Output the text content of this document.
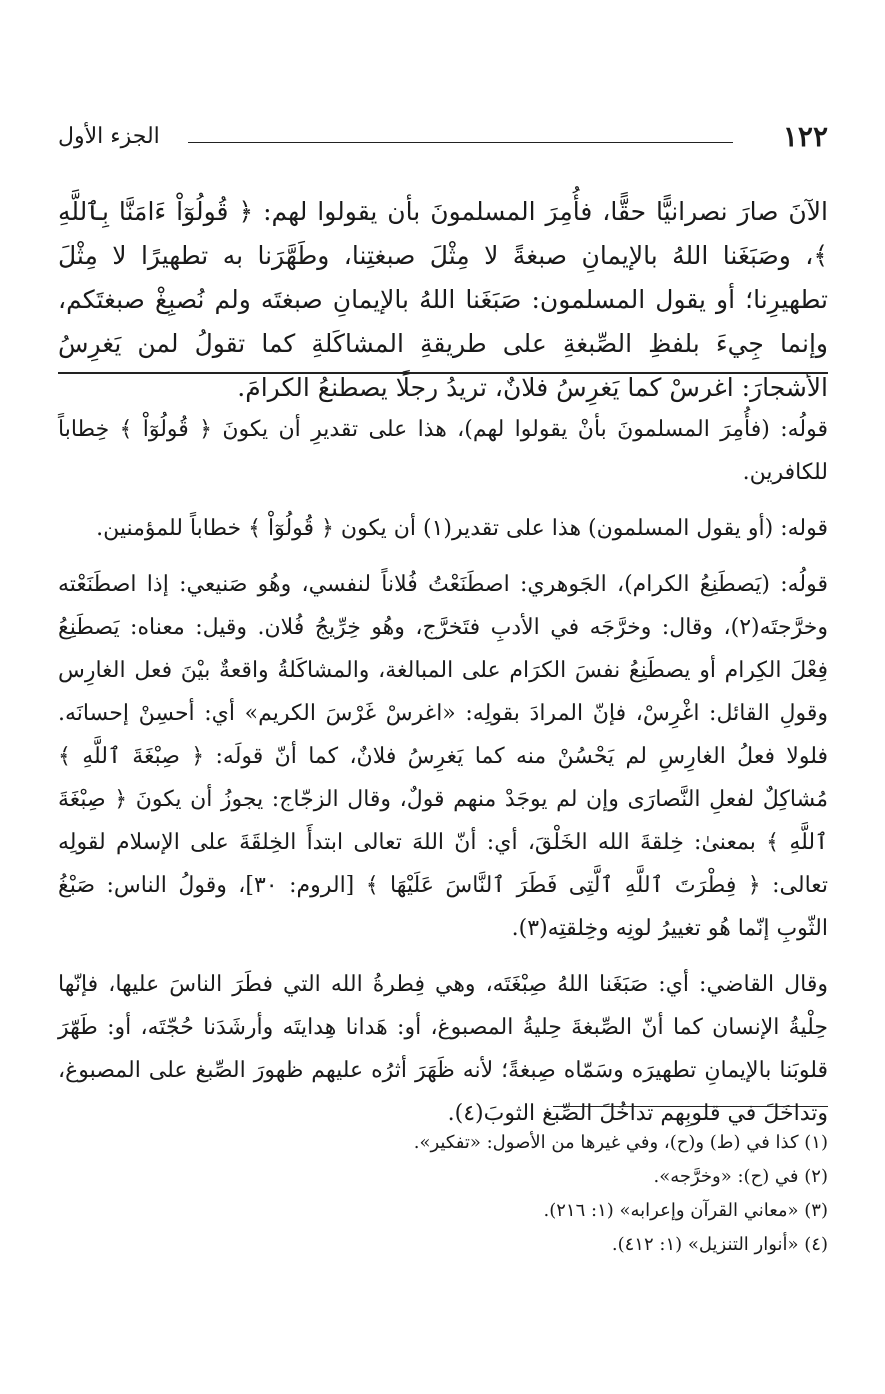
١٢٢
الجزء الأول

الآنَ صارَ نصرانيًّا حقًّا، فأُمِرَ المسلمونَ بأن يقولوا لهم: ﴿ قُولُوٓاْ ءَامَنَّا بِٱللَّهِ ﴾، وصَبَغَنا اللهُ بالإيمانِ صبغةً لا مِثْلَ صبغتِنا، وطَهَّرَنا به تطهيرًا لا مِثْلَ تطهيرِنا؛ أو يقول المسلمون: صَبَغَنا اللهُ بالإيمانِ صبغتَه ولم نُصبِغْ صبغتَكم، وإنما جِيءَ بلفظِ الصِّبغةِ على طريقةِ المشاكَلةِ كما تقولُ لمن يَغرِسُ الأشجارَ: اغرسْ كما يَغرِسُ فلانٌ، تريدُ رجلًا يصطنعُ الكرامَ.

قولُه: (فأُمِرَ المسلمونَ بأنْ يقولوا لهم)، هذا على تقديرِ أن يكونَ ﴿ قُولُوٓاْ ﴾ خِطاباً للكافرين.

قوله: (أو يقول المسلمون) هذا على تقدير(١) أن يكون ﴿ قُولُوٓاْ ﴾ خطاباً للمؤمنين.

قولُه: (يَصطَنِعُ الكرام)، الجَوهري: اصطَنَعْتُ فُلاناً لنفسي، وهُو صَنيعي: إذا اصطَنَعْته وخرَّجتَه(٢)، وقال: وخرَّجَه في الأدبِ فتَخرَّج، وهُو خِرِّيجُ فُلان. وقيل: معناه: يَصطَنِعُ فِعْلَ الكِرام أو يصطَنِعُ نفسَ الكرَام على المبالغة، والمشاكَلةُ واقعةٌ بيْنَ فعل الغارِس وقولِ القائل: اغْرِسْ، فإنّ المرادَ بقولِه: «اغرسْ غَرْسَ الكريم» أي: أحسِنْ إحسانَه. فلولا فعلُ الغارِسِ لم يَحْسُنْ منه كما يَغرِسُ فلانٌ، كما أنّ قولَه: ﴿ صِبْغَةَ ٱللَّهِ ﴾ مُشاكِلٌ لفعلِ النَّصارَى وإن لم يوجَدْ منهم قولٌ، وقال الزجّاج: يجوزُ أن يكونَ ﴿ صِبْغَةَ ٱللَّهِ ﴾ بمعنىٰ: خِلقةَ الله الخَلْقَ، أي: أنّ اللهَ تعالى ابتدأَ الخِلقَةَ على الإسلام لقولِه تعالى: ﴿ فِطْرَتَ ٱللَّهِ ٱلَّتِى فَطَرَ ٱلنَّاسَ عَلَيْهَا ﴾ [الروم: ٣٠]، وقولُ الناس: صَبْغُ الثّوبِ إنّما هُو تغييرُ لونِه وخِلقتِه(٣).

وقال القاضي: أي: صَبَغَنا اللهُ صِبْغَتَه، وهي فِطرةُ الله التي فطَرَ الناسَ عليها، فإنّها حِلْيةُ الإنسان كما أنّ الصِّبغةَ حِليةُ المصبوغ، أو: هَدانا هِدايتَه وأرشَدَنا حُجّتَه، أو: طَهّرَ قلوبَنا بالإيمانِ تطهيرَه وسَمّاه صِبغةً؛ لأنه ظَهَرَ أثرُه عليهم ظهورَ الصِّبغ على المصبوغ، وتداخَلَ في قلوبِهم تداخُلَ الصِّبغ الثوبَ(٤).

(١) كذا في (ط) و(ح)، وفي غيرها من الأصول: «تفكير».

(٢) في (ح): «وخرَّجه».

(٣) «معاني القرآن وإعرابه» (١: ٢١٦).

(٤) «أنوار التنزيل» (١: ٤١٢).
